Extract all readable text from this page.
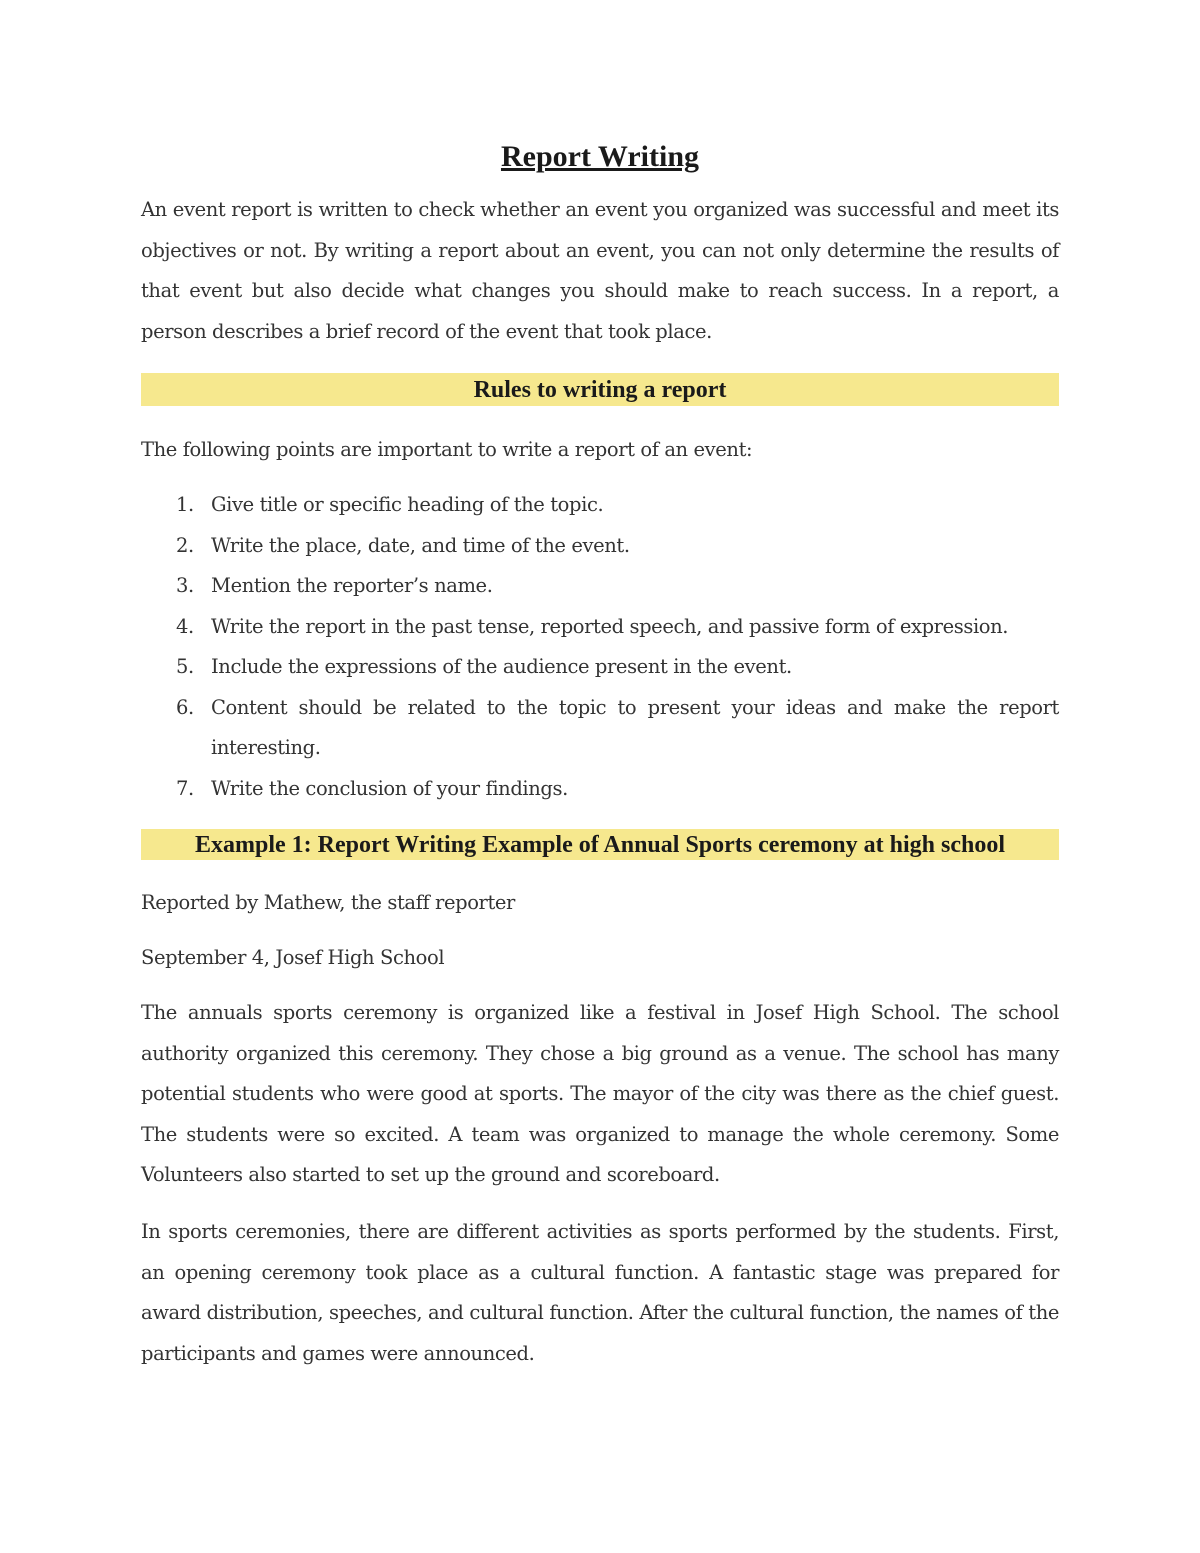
Report Writing

An event report is written to check whether an event you organized was successful and meet its objectives or not. By writing a report about an event, you can not only determine the results of that event but also decide what changes you should make to reach success. In a report, a person describes a brief record of the event that took place.

Rules to writing a report

The following points are important to write a report of an event:

1. Give title or specific heading of the topic.
2. Write the place, date, and time of the event.
3. Mention the reporter’s name.
4. Write the report in the past tense, reported speech, and passive form of expression.
5. Include the expressions of the audience present in the event.
6. Content should be related to the topic to present your ideas and make the report interesting.
7. Write the conclusion of your findings.
Example 1: Report Writing Example of Annual Sports ceremony at high school

Reported by Mathew, the staff reporter

September 4, Josef High School

The annuals sports ceremony is organized like a festival in Josef High School. The school authority organized this ceremony. They chose a big ground as a venue. The school has many potential students who were good at sports. The mayor of the city was there as the chief guest. The students were so excited. A team was organized to manage the whole ceremony. Some Volunteers also started to set up the ground and scoreboard.

In sports ceremonies, there are different activities as sports performed by the students. First, an opening ceremony took place as a cultural function. A fantastic stage was prepared for award distribution, speeches, and cultural function. After the cultural function, the names of the participants and games were announced.
